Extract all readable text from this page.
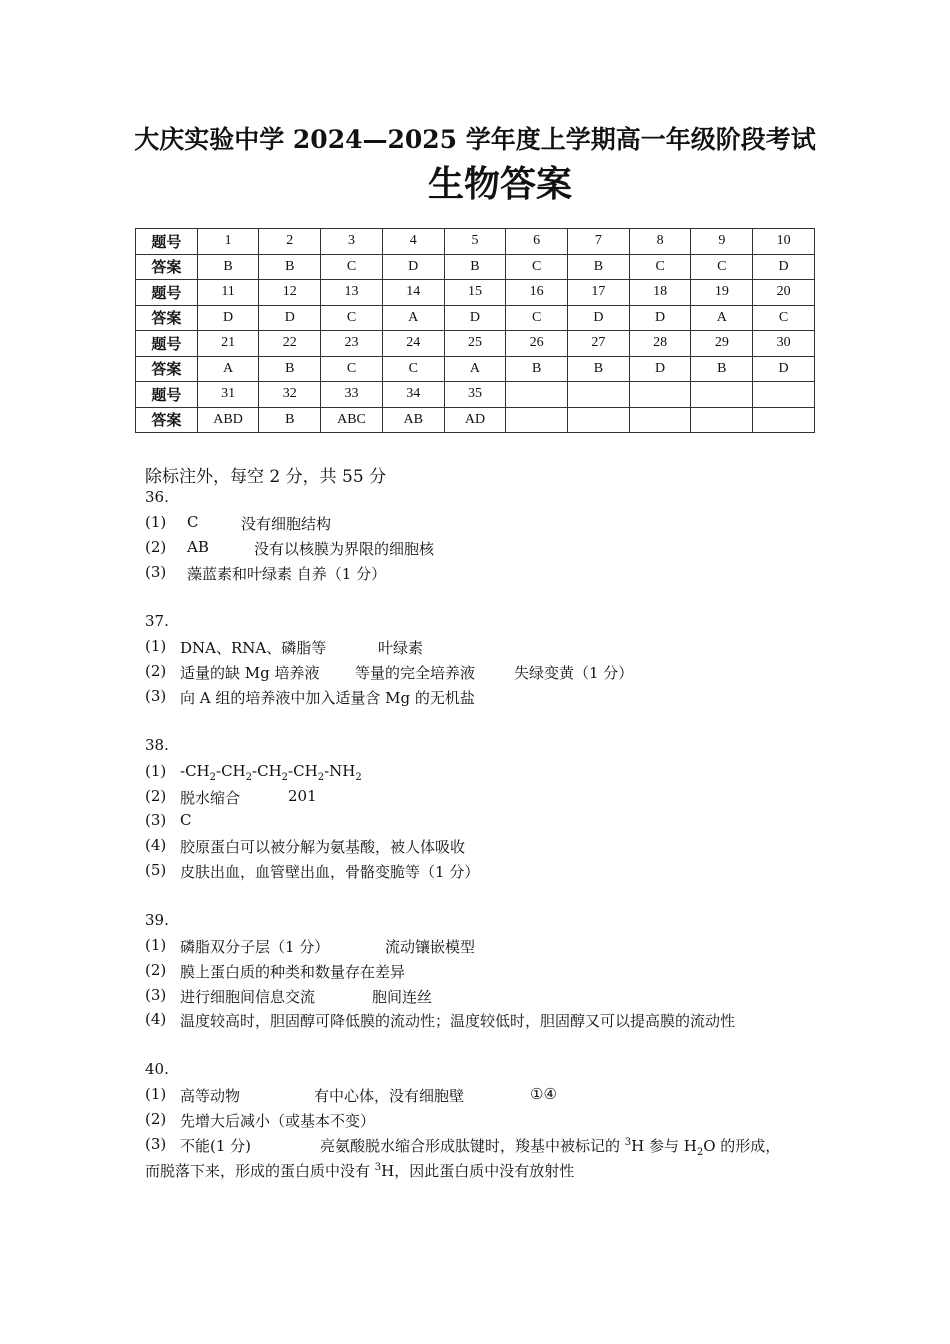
大庆实验中学 2024—2025 学年度上学期高一年级阶段考试
生物答案
题号	1	2	3	4	5	6	7	8	9	10
答案	B	B	C	D	B	C	B	C	C	D
题号	11	12	13	14	15	16	17	18	19	20
答案	D	D	C	A	D	C	D	D	A	C
题号	21	22	23	24	25	26	27	28	29	30
答案	A	B	C	C	A	B	B	D	B	D
题号	31	32	33	34	35					
答案	ABD	B	ABC	AB	AD					
除标注外，每空 2 分，共 55 分
36.
(1) C	没有细胞结构
(2) AB	没有以核膜为界限的细胞核
(3) 藻蓝素和叶绿素 自养（1 分）
37.
(1) DNA、RNA、磷脂等	叶绿素
(2) 适量的缺 Mg 培养液 等量的完全培养液	失绿变黄（1 分）
(3) 向 A 组的培养液中加入适量含 Mg 的无机盐
38.
(1) $-CH_2-CH_2-CH_2-CH_2-NH_2$
(2) 脱水缩合	201
(3) C
(4) 胶原蛋白可以被分解为氨基酸，被人体吸收
(5) 皮肤出血，血管壁出血，骨骼变脆等（1 分）
39.
(1) 磷脂双分子层（1 分）	流动镶嵌模型
(2) 膜上蛋白质的种类和数量存在差异
(3) 进行细胞间信息交流	胞间连丝
(4) 温度较高时，胆固醇可降低膜的流动性；温度较低时，胆固醇又可以提高膜的流动性
40.
(1) 高等动物	有中心体，没有细胞壁	①④
(2) 先增大后减小（或基本不变）
(3) 不能(1 分)	亮氨酸脱水缩合形成肽键时，羧基中被标记的 $^3$H 参与 $H_2O$ 的形成，
而脱落下来，形成的蛋白质中没有 $^3$H，因此蛋白质中没有放射性
